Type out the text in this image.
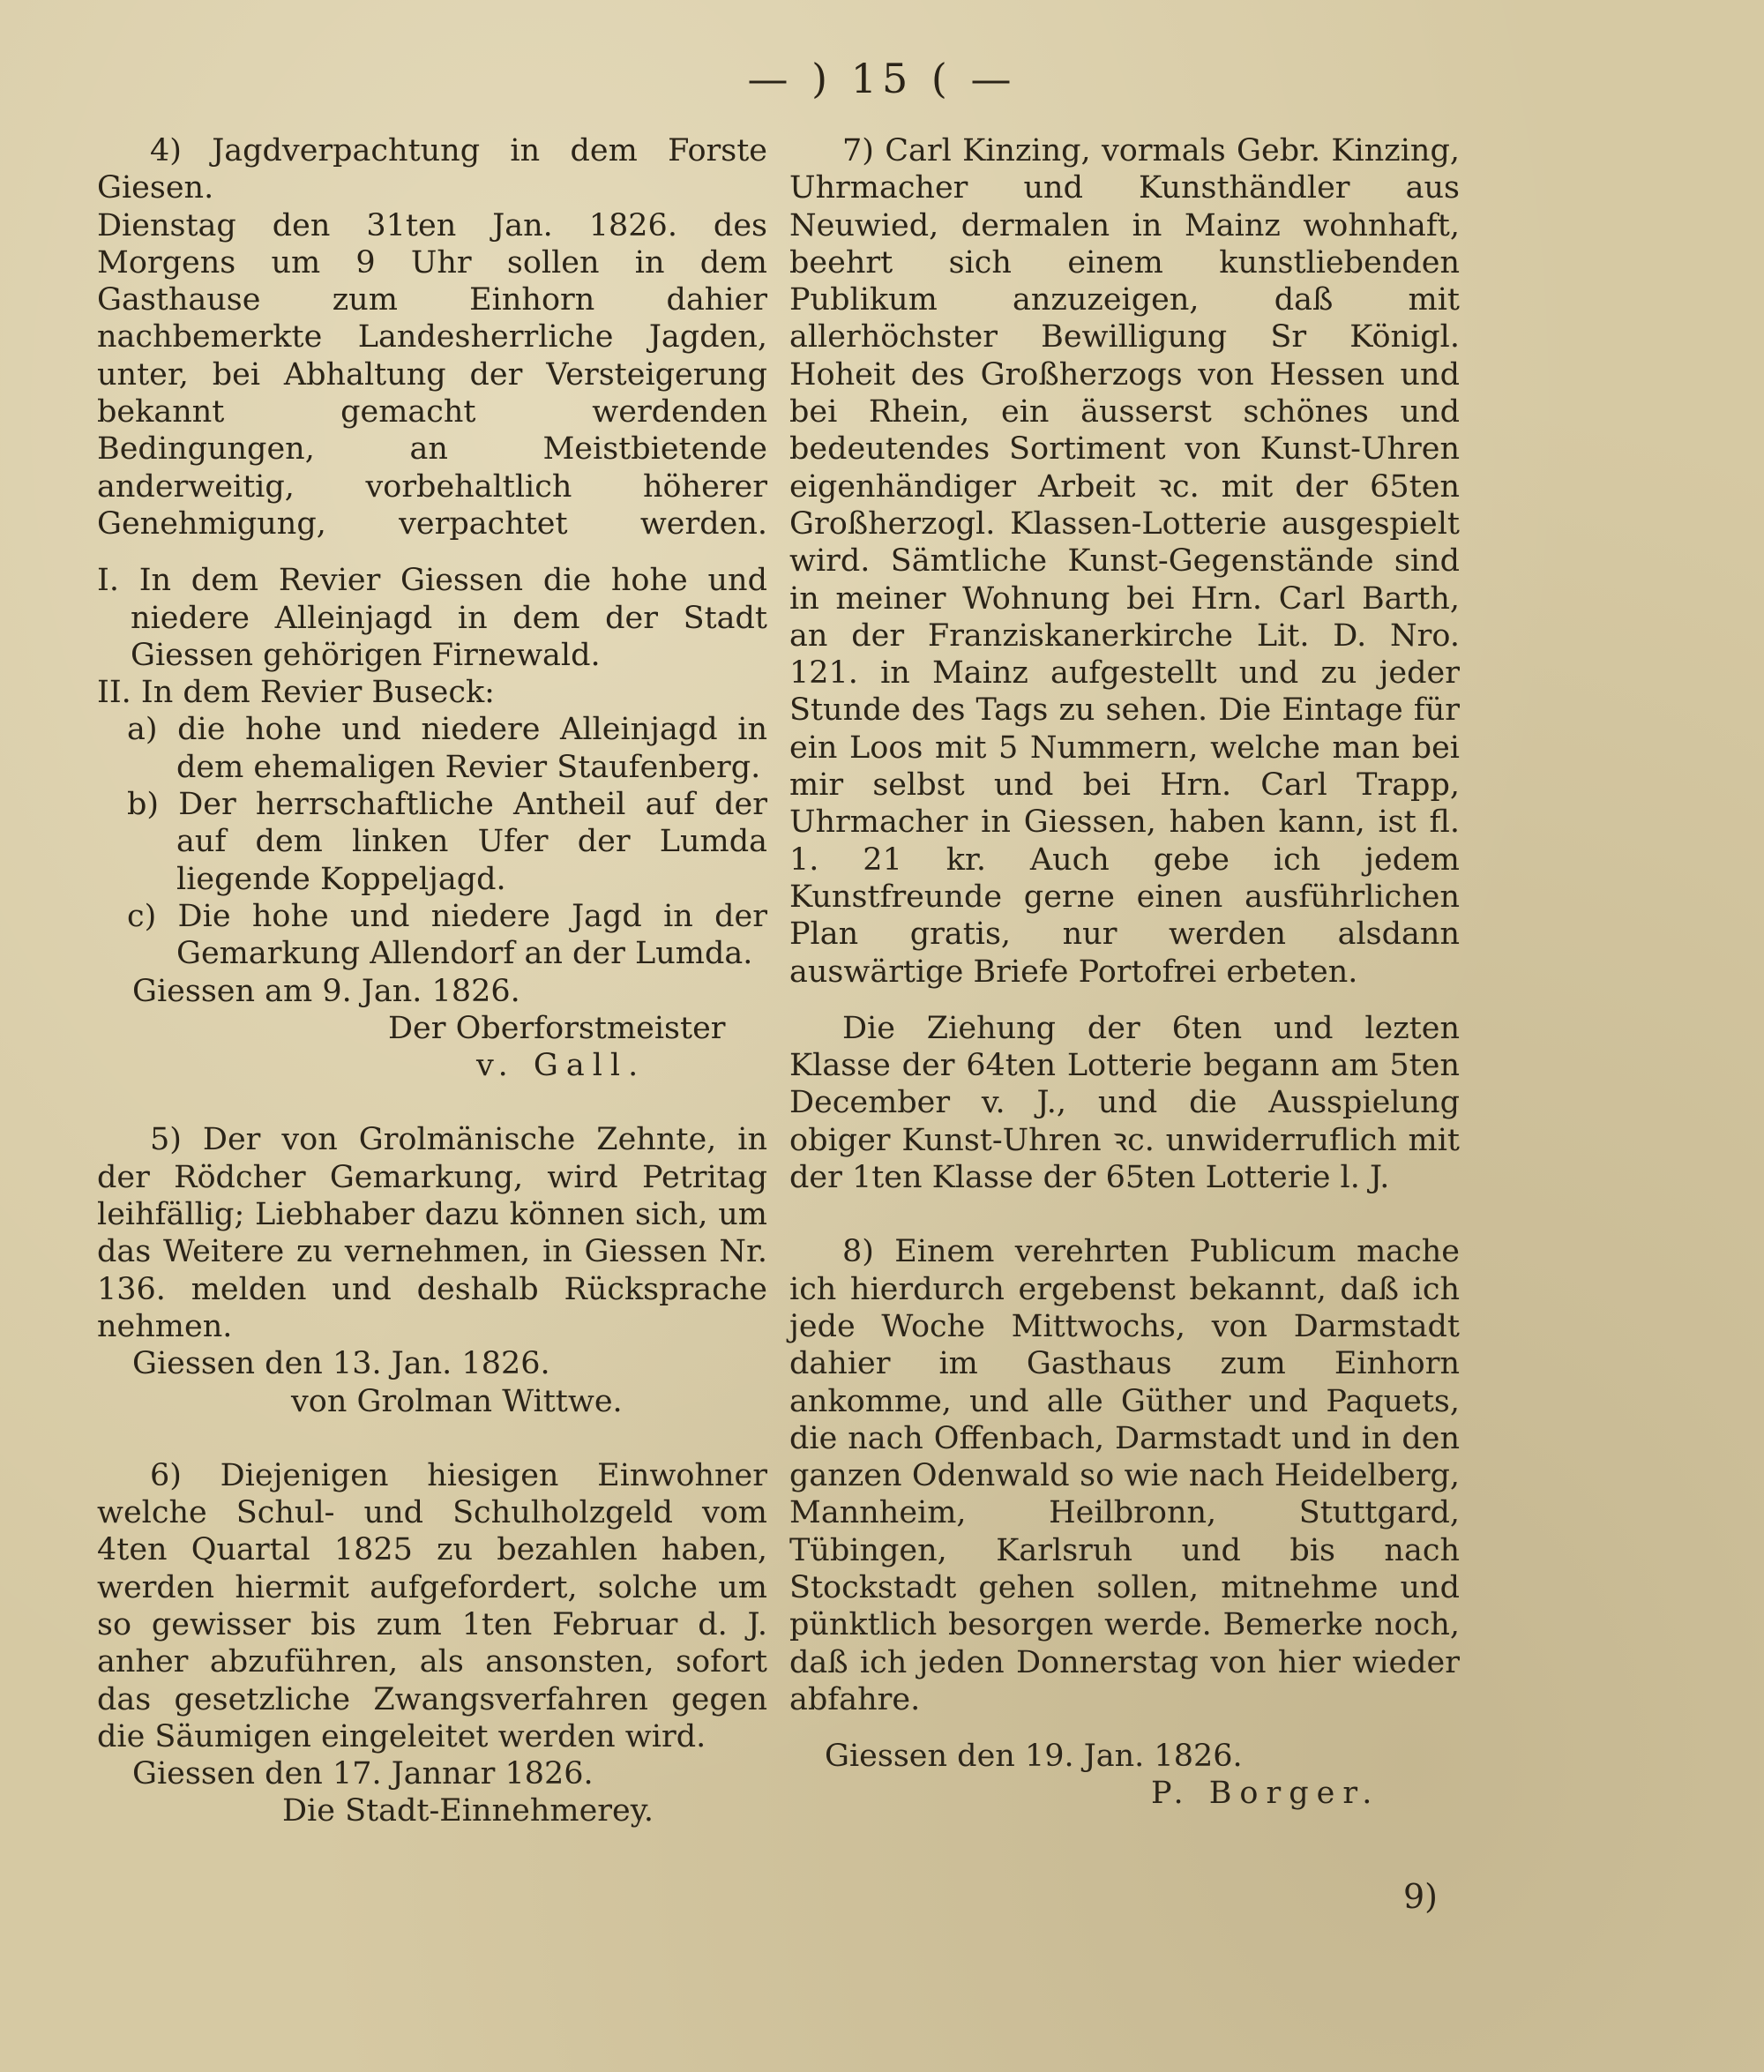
— ) 15 ( —

4) Jagdverpachtung in dem Forste Giesen.

Dienstag den 31ten Jan. 1826. des Morgens um 9 Uhr sollen in dem Gasthause zum Einhorn dahier nachbemerkte Landesherrliche Jagden, unter, bei Abhaltung der Versteigerung bekannt gemacht werdenden Bedingungen, an Meistbietende anderweitig, vorbehaltlich höherer Genehmigung, verpachtet werden.

I. In dem Revier Giessen die hohe und niedere Alleinjagd in dem der Stadt Giessen gehörigen Firnewald.

II. In dem Revier Buseck:

a) die hohe und niedere Alleinjagd in dem ehemaligen Revier Staufenberg.

b) Der herrschaftliche Antheil auf der auf dem linken Ufer der Lumda liegende Koppeljagd.

c) Die hohe und niedere Jagd in der Gemarkung Allendorf an der Lumda.

Giessen am 9. Jan. 1826.

Der Oberforstmeister

v. Gall.

5) Der von Grolmänische Zehnte, in der Rödcher Gemarkung, wird Petritag leihfällig; Liebhaber dazu können sich, um das Weitere zu vernehmen, in Giessen Nr. 136. melden und deshalb Rücksprache nehmen.

Giessen den 13. Jan. 1826.

von Grolman Wittwe.

6) Diejenigen hiesigen Einwohner welche Schul- und Schulholzgeld vom 4ten Quartal 1825 zu bezahlen haben, werden hiermit aufgefordert, solche um so gewisser bis zum 1ten Februar d. J. anher abzuführen, als ansonsten, sofort das gesetzliche Zwangsverfahren gegen die Säumigen eingeleitet werden wird.

Giessen den 17. Jannar 1826.

Die Stadt-Einnehmerey.

7) Carl Kinzing, vormals Gebr. Kinzing, Uhrmacher und Kunsthändler aus Neuwied, dermalen in Mainz wohnhaft, beehrt sich einem kunstliebenden Publikum anzuzeigen, daß mit allerhöchster Bewilligung Sr Königl. Hoheit des Großherzogs von Hessen und bei Rhein, ein äusserst schönes und bedeutendes Sortiment von Kunst-Uhren eigenhändiger Arbeit ꝛc. mit der 65ten Großherzogl. Klassen-Lotterie ausgespielt wird. Sämtliche Kunst-Gegenstände sind in meiner Wohnung bei Hrn. Carl Barth, an der Franziskanerkirche Lit. D. Nro. 121. in Mainz aufgestellt und zu jeder Stunde des Tags zu sehen. Die Eintage für ein Loos mit 5 Nummern, welche man bei mir selbst und bei Hrn. Carl Trapp, Uhrmacher in Giessen, haben kann, ist fl. 1. 21 kr. Auch gebe ich jedem Kunstfreunde gerne einen ausführlichen Plan gratis, nur werden alsdann auswärtige Briefe Portofrei erbeten.

Die Ziehung der 6ten und lezten Klasse der 64ten Lotterie begann am 5ten December v. J., und die Ausspielung obiger Kunst-Uhren ꝛc. unwiderruflich mit der 1ten Klasse der 65ten Lotterie l. J.

8) Einem verehrten Publicum mache ich hierdurch ergebenst bekannt, daß ich jede Woche Mittwochs, von Darmstadt dahier im Gasthaus zum Einhorn ankomme, und alle Güther und Paquets, die nach Offenbach, Darmstadt und in den ganzen Odenwald so wie nach Heidelberg, Mannheim, Heilbronn, Stuttgard, Tübingen, Karlsruh und bis nach Stockstadt gehen sollen, mitnehme und pünktlich besorgen werde. Bemerke noch, daß ich jeden Donnerstag von hier wieder abfahre.

Giessen den 19. Jan. 1826.

P. Borger.

9)
